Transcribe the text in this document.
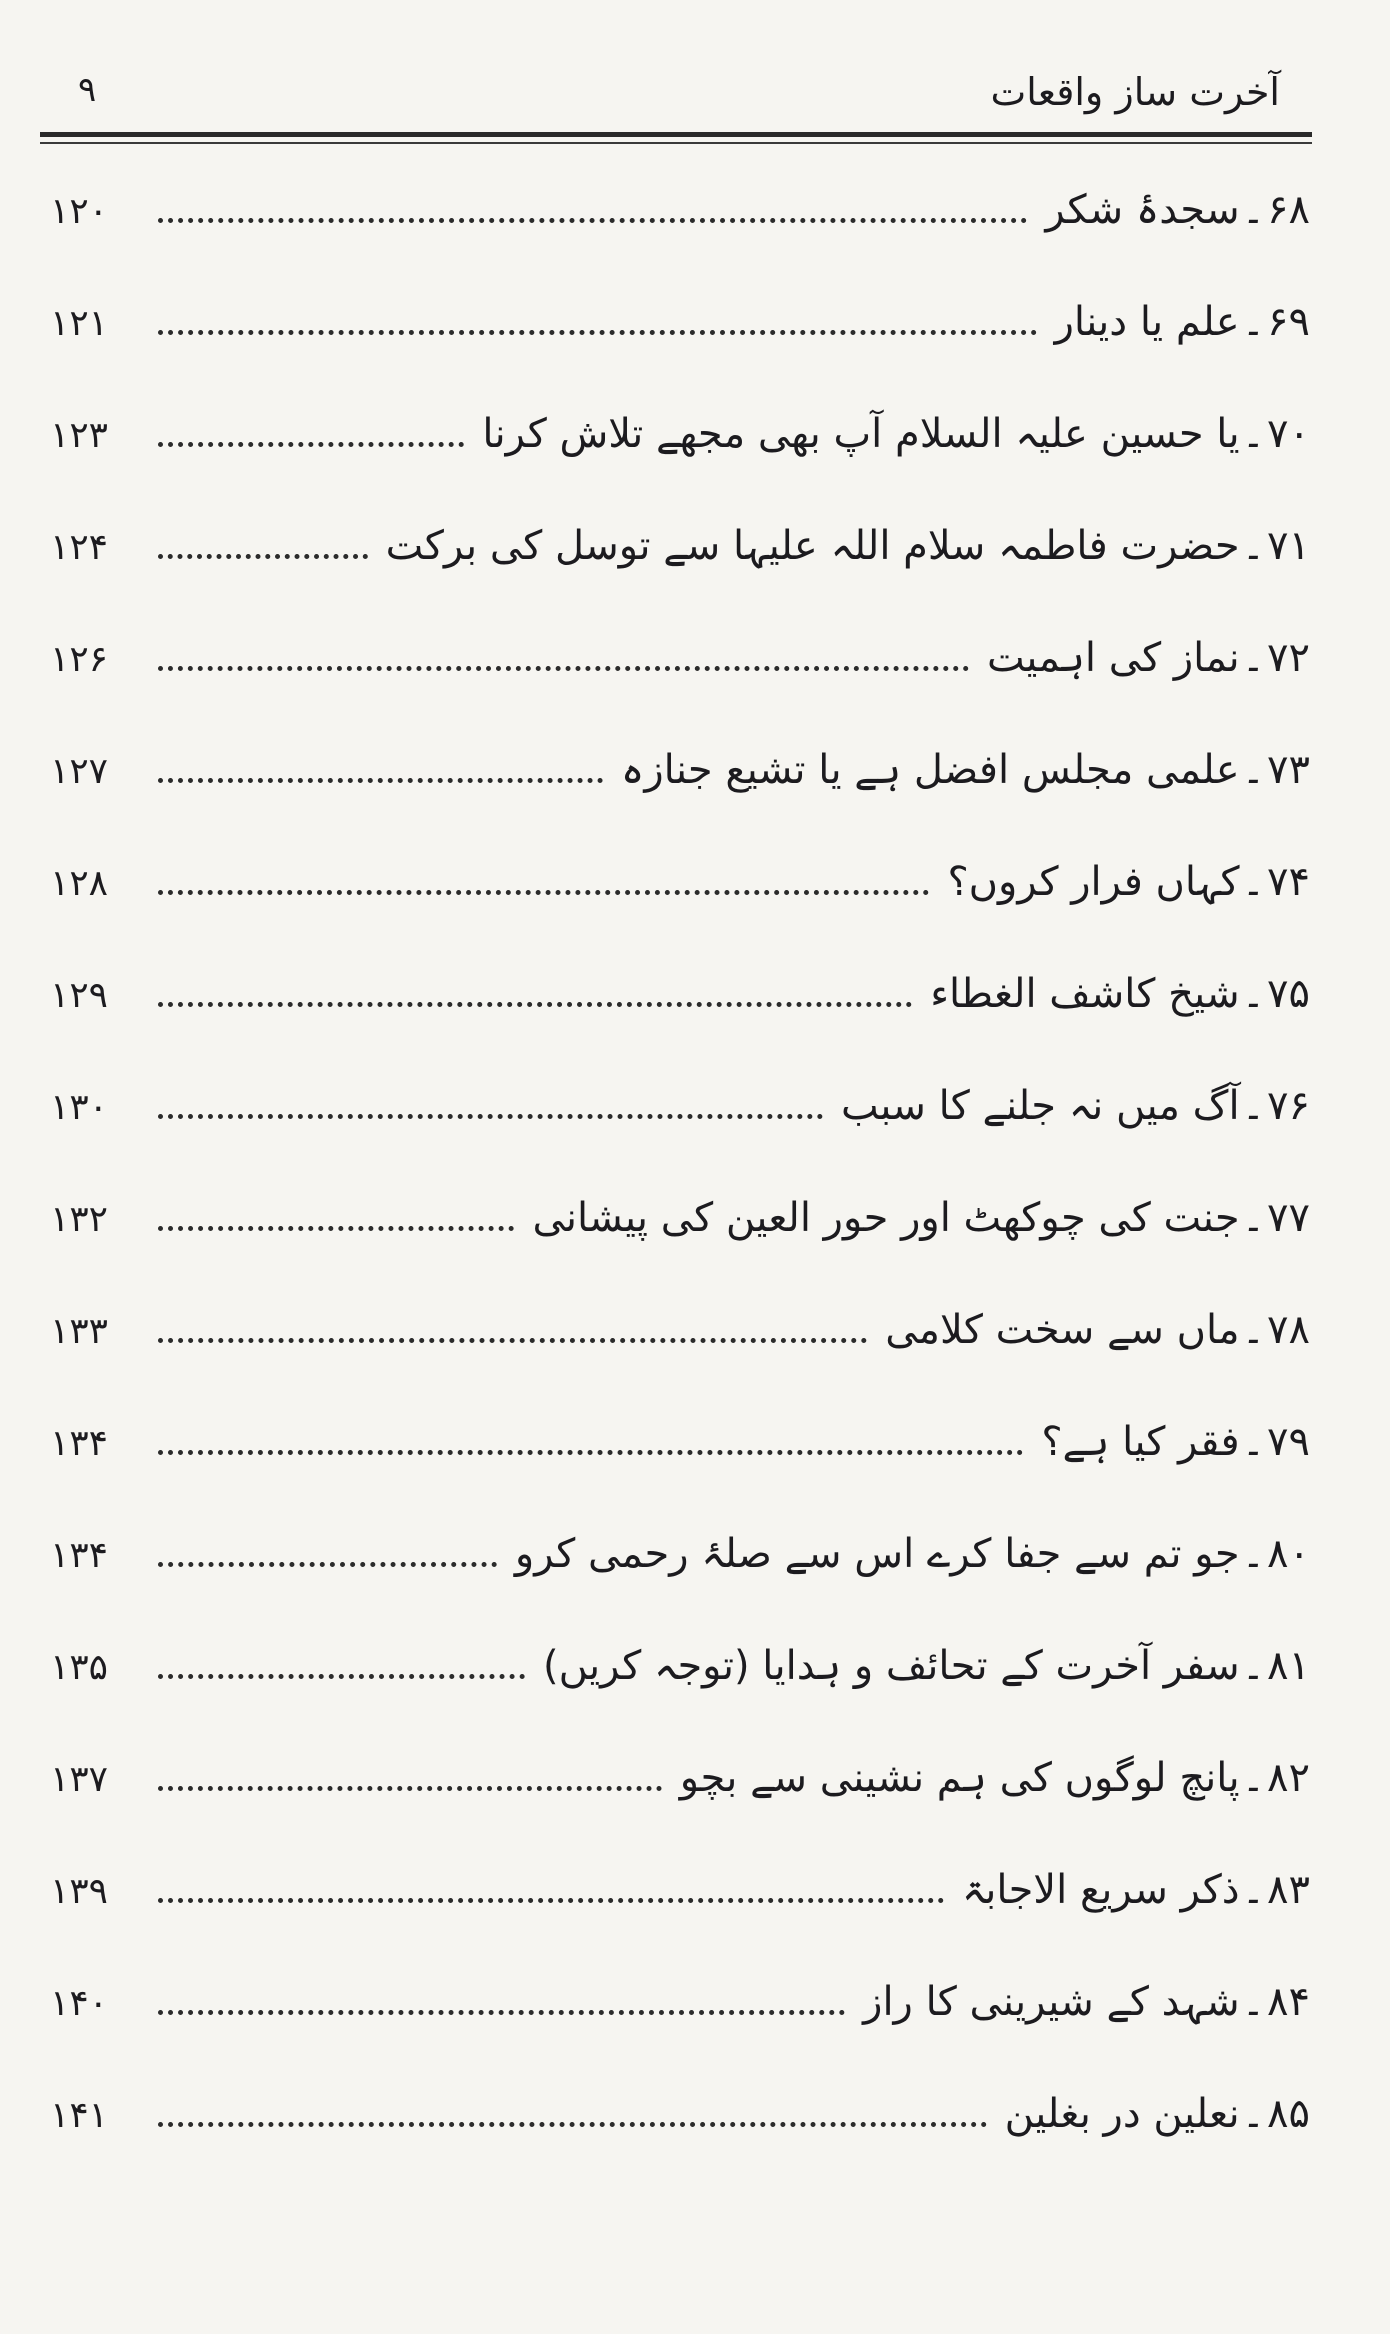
۹	آخرت ساز واقعات
۶۸
۔
سجدۂ شکر
۱۲۰
۶۹
۔
علم یا دینار
۱۲۱
۷۰
۔
یا حسین علیہ السلام آپ بھی مجھے تلاش کرنا
۱۲۳
۷۱
۔
حضرت فاطمہ سلام اللہ علیہا سے توسل کی برکت
۱۲۴
۷۲
۔
نماز کی اہمیت
۱۲۶
۷۳
۔
علمی مجلس افضل ہے یا تشیع جنازہ
۱۲۷
۷۴
۔
کہاں فرار کروں؟
۱۲۸
۷۵
۔
شیخ کاشف الغطاء
۱۲۹
۷۶
۔
آگ میں نہ جلنے کا سبب
۱۳۰
۷۷
۔
جنت کی چوکھٹ اور حور العین کی پیشانی
۱۳۲
۷۸
۔
ماں سے سخت کلامی
۱۳۳
۷۹
۔
فقر کیا ہے؟
۱۳۴
۸۰
۔
جو تم سے جفا کرے اس سے صلۂ رحمی کرو
۱۳۴
۸۱
۔
سفر آخرت کے تحائف و ہدایا (توجہ کریں)
۱۳۵
۸۲
۔
پانچ لوگوں کی ہم نشینی سے بچو
۱۳۷
۸۳
۔
ذکر سریع الاجابۃ
۱۳۹
۸۴
۔
شہد کے شیرینی کا راز
۱۴۰
۸۵
۔
نعلین در بغلین
۱۴۱
